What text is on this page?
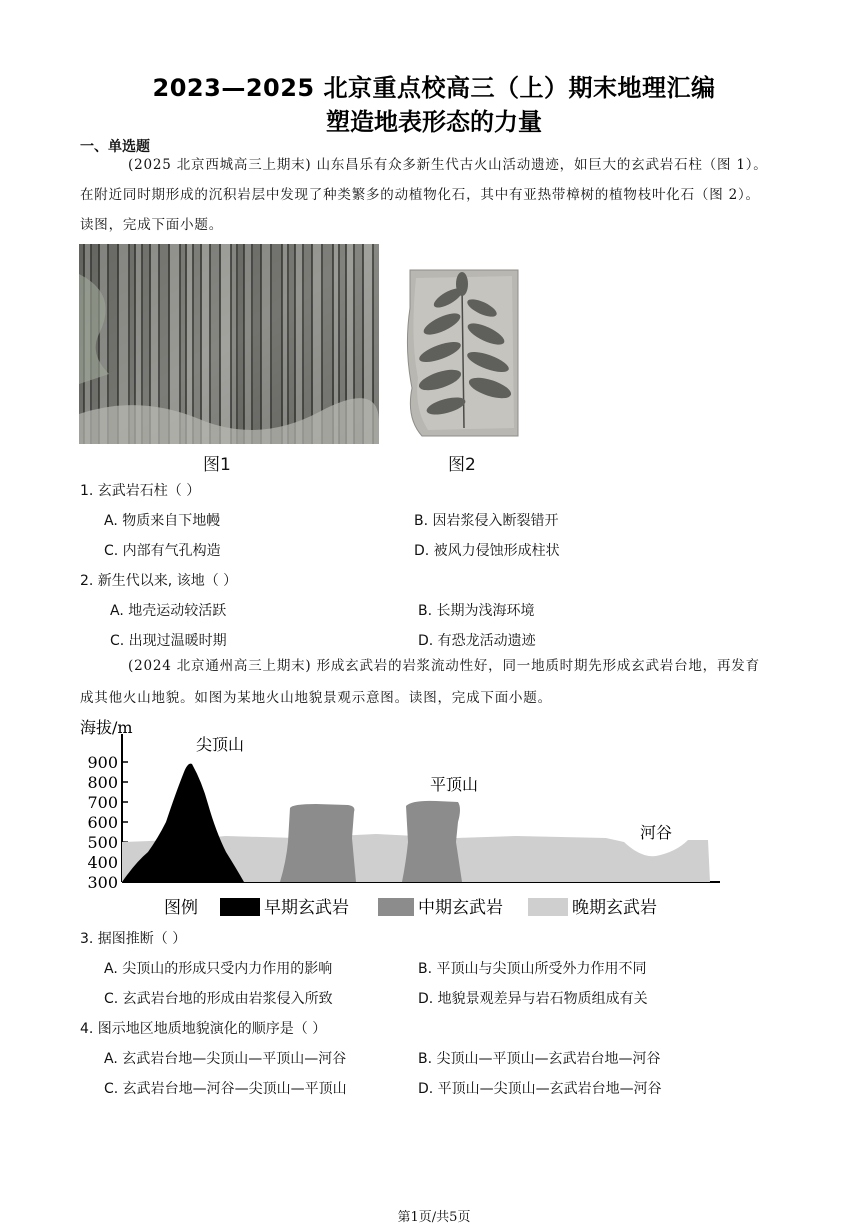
2023—2025 北京重点校高三（上）期末地理汇编
塑造地表形态的力量
一、单选题
(2025 北京西城高三上期末) 山东昌乐有众多新生代古火山活动遗迹，如巨大的玄武岩石柱（图 1）。
在附近同时期形成的沉积岩层中发现了种类繁多的动植物化石，其中有亚热带樟树的植物枝叶化石（图 2）。
读图，完成下面小题。
图1	图2
1. 玄武岩石柱（ ）
A. 物质来自下地幔	B. 因岩浆侵入断裂错开
C. 内部有气孔构造	D. 被风力侵蚀形成柱状
2. 新生代以来, 该地（ ）
A. 地壳运动较活跃	B. 长期为浅海环境
C. 出现过温暖时期	D. 有恐龙活动遗迹
(2024 北京通州高三上期末) 形成玄武岩的岩浆流动性好，同一地质时期先形成玄武岩台地，再发育
成其他火山地貌。如图为某地火山地貌景观示意图。读图，完成下面小题。
海拔/m
900
800
700
600
500
400
300
尖顶山
平顶山
河谷
图例	早期玄武岩	中期玄武岩	晚期玄武岩
3. 据图推断（ ）
A. 尖顶山的形成只受内力作用的影响	B. 平顶山与尖顶山所受外力作用不同
C. 玄武岩台地的形成由岩浆侵入所致	D. 地貌景观差异与岩石物质组成有关
4. 图示地区地质地貌演化的顺序是（ ）
A. 玄武岩台地—尖顶山—平顶山—河谷	B. 尖顶山—平顶山—玄武岩台地—河谷
C. 玄武岩台地—河谷—尖顶山—平顶山	D. 平顶山—尖顶山—玄武岩台地—河谷
第1页/共5页
